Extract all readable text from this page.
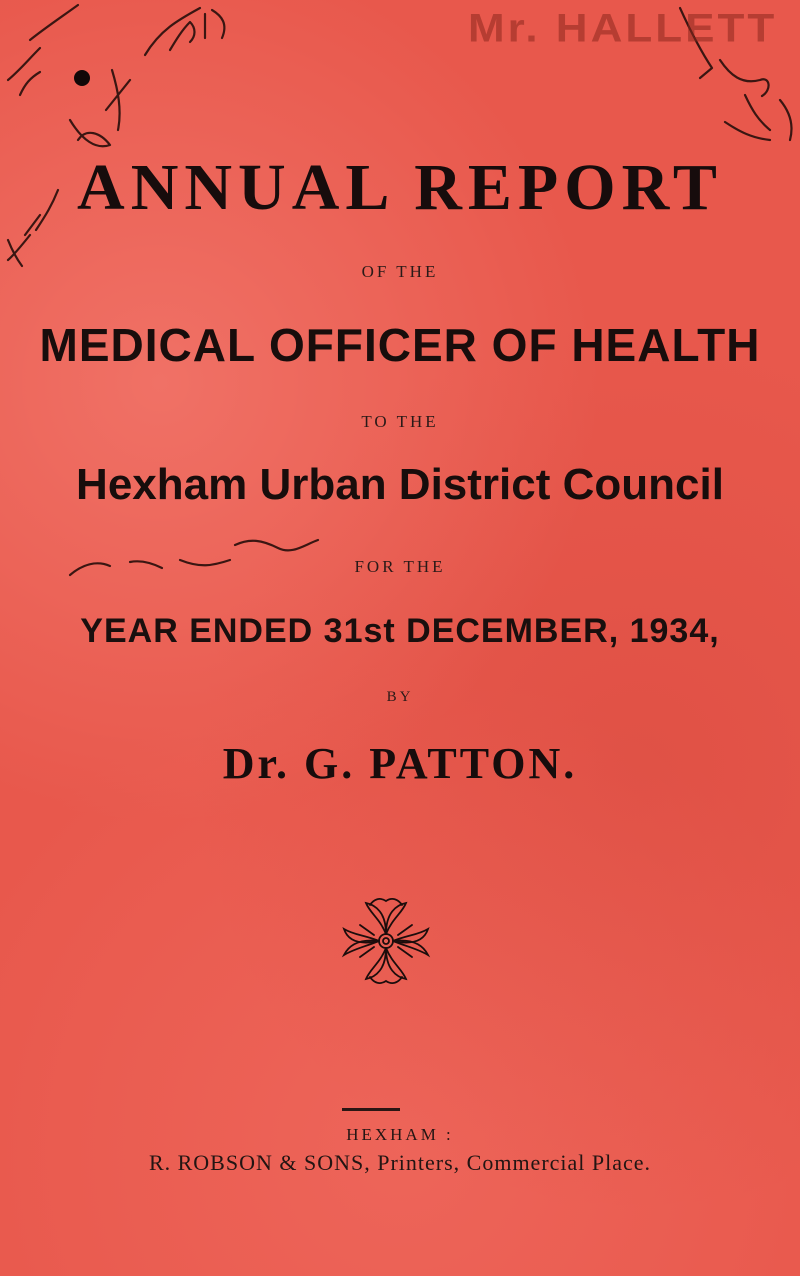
Mr. HALLETT
ANNUAL REPORT
OF THE
MEDICAL OFFICER OF HEALTH
TO THE
Hexham Urban District Council
FOR THE
YEAR ENDED 31st DECEMBER, 1934,
BY
Dr. G. PATTON.
HEXHAM :
R. ROBSON & SONS, Printers, Commercial Place.
